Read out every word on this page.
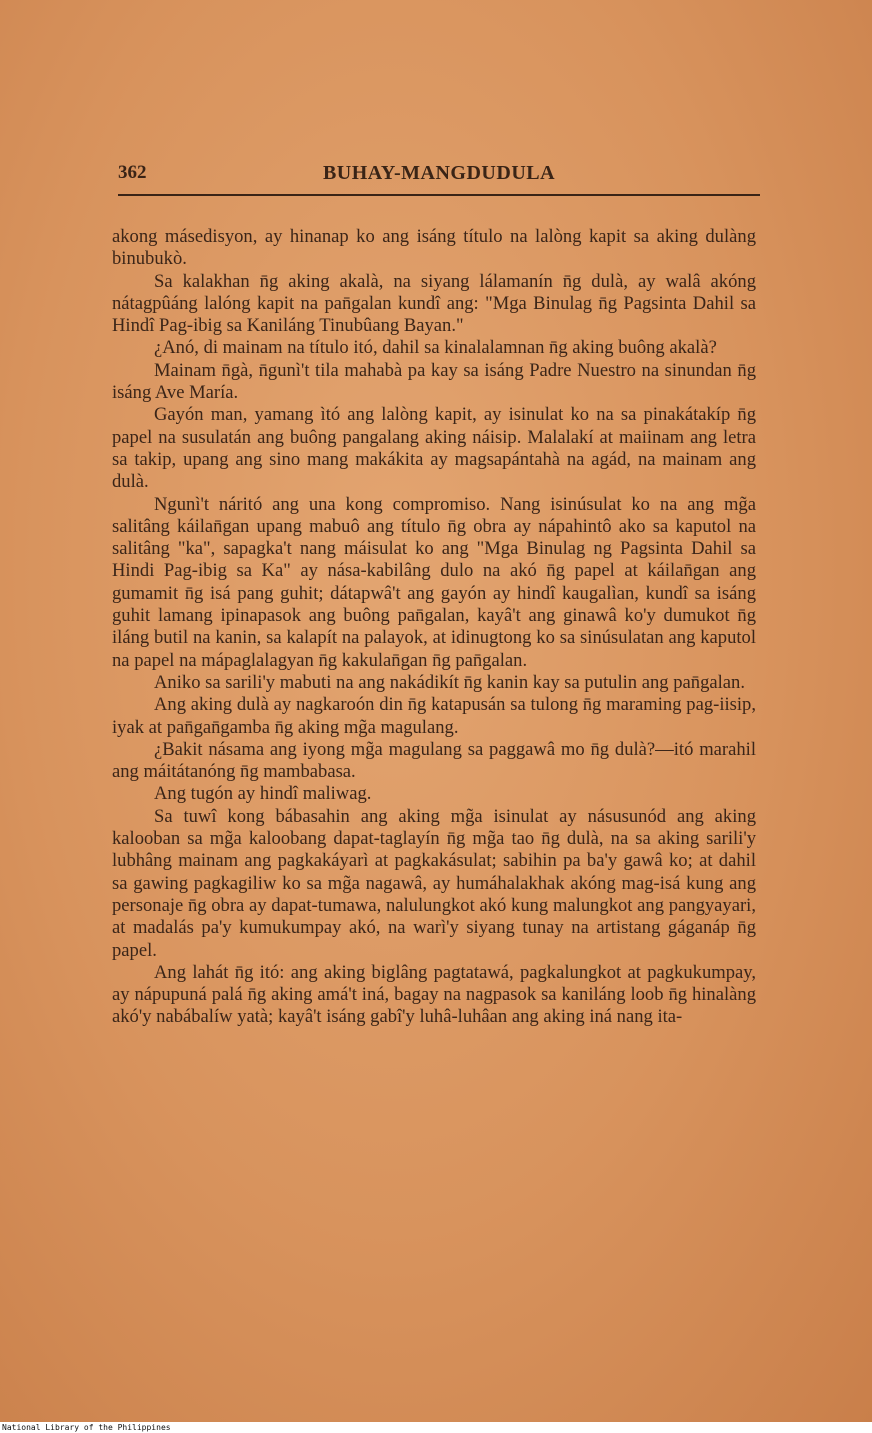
362	BUHAY-MANGDUDULA

akong másedisyon, ay hinanap ko ang isáng título na lalòng kapit sa aking dulàng binubukò.

Sa kalakhan n̄g aking akalà, na siyang lálamanín n̄g dulà, ay walâ akóng nátagpûáng lalóng kapit na pan̄galan kundî ang: "Mga Binulag n̄g Pagsinta Dahil sa Hindî Pag-ibig sa Kaniláng Tinubûang Bayan."

¿Anó, di mainam na título itó, dahil sa kinalalamnan n̄g aking buông akalà?

Mainam n̄gà, n̄gunì't tila mahabà pa kay sa isáng Padre Nuestro na sinundan n̄g isáng Ave María.

Gayón man, yamang ìtó ang lalòng kapit, ay isinulat ko na sa pinakátakíp n̄g papel na susulatán ang buông pangalang aking náisip. Malalakí at maiinam ang letra sa takip, upang ang sino mang makákita ay magsapántahà na agád, na mainam ang dulà.

Ngunì't náritó ang una kong compromiso. Nang isinúsulat ko na ang mg̃a salitâng káilan̄gan upang mabuô ang título n̄g obra ay nápahintô ako sa kaputol na salitâng "ka", sapagka't nang máisulat ko ang "Mga Binulag ng Pagsinta Dahil sa Hindi Pag-ibig sa Ka" ay nása-kabilâng dulo na akó n̄g papel at káilan̄gan ang gumamit n̄g isá pang guhit; dátapwâ't ang gayón ay hindî kaugalìan, kundî sa isáng guhit lamang ipinapasok ang buông pan̄galan, kayâ't ang ginawâ ko'y dumukot n̄g iláng butil na kanin, sa kalapít na palayok, at idinugtong ko sa sinúsulatan ang kaputol na papel na mápaglalagyan n̄g kakulan̄gan n̄g pan̄galan.

Aniko sa sarili'y mabuti na ang nakádikít n̄g kanin kay sa putulin ang pan̄galan.

Ang aking dulà ay nagkaroón din n̄g katapusán sa tulong n̄g maraming pag-iisip, iyak at pan̄gan̄gamba n̄g aking mg̃a magulang.

¿Bakit násama ang iyong mg̃a magulang sa paggawâ mo n̄g dulà?—itó marahil ang máitátanóng n̄g mambabasa.

Ang tugón ay hindî maliwag.

Sa tuwî kong bábasahin ang aking mg̃a isinulat ay násusunód ang aking kalooban sa mg̃a kaloobang dapat-taglayín n̄g mg̃a tao n̄g dulà, na sa aking sarili'y lubhâng mainam ang pagkakáyarì at pagkakásulat; sabihin pa ba'y gawâ ko; at dahil sa gawing pagkagiliw ko sa mg̃a nagawâ, ay humáhalakhak akóng mag-isá kung ang personaje n̄g obra ay dapat-tumawa, nalulungkot akó kung malungkot ang pangyayari, at madalás pa'y kumukumpay akó, na warì'y siyang tunay na artistang gáganáp n̄g papel.

Ang lahát n̄g itó: ang aking biglâng pagtatawá, pagkalungkot at pagkukumpay, ay nápupuná palá n̄g aking amá't iná, bagay na nagpasok sa kaniláng loob n̄g hinalàng akó'y nabábalíw yatà; kayâ't isáng gabî'y luhâ-luhâan ang aking iná nang ita-

National Library of the Philippines
